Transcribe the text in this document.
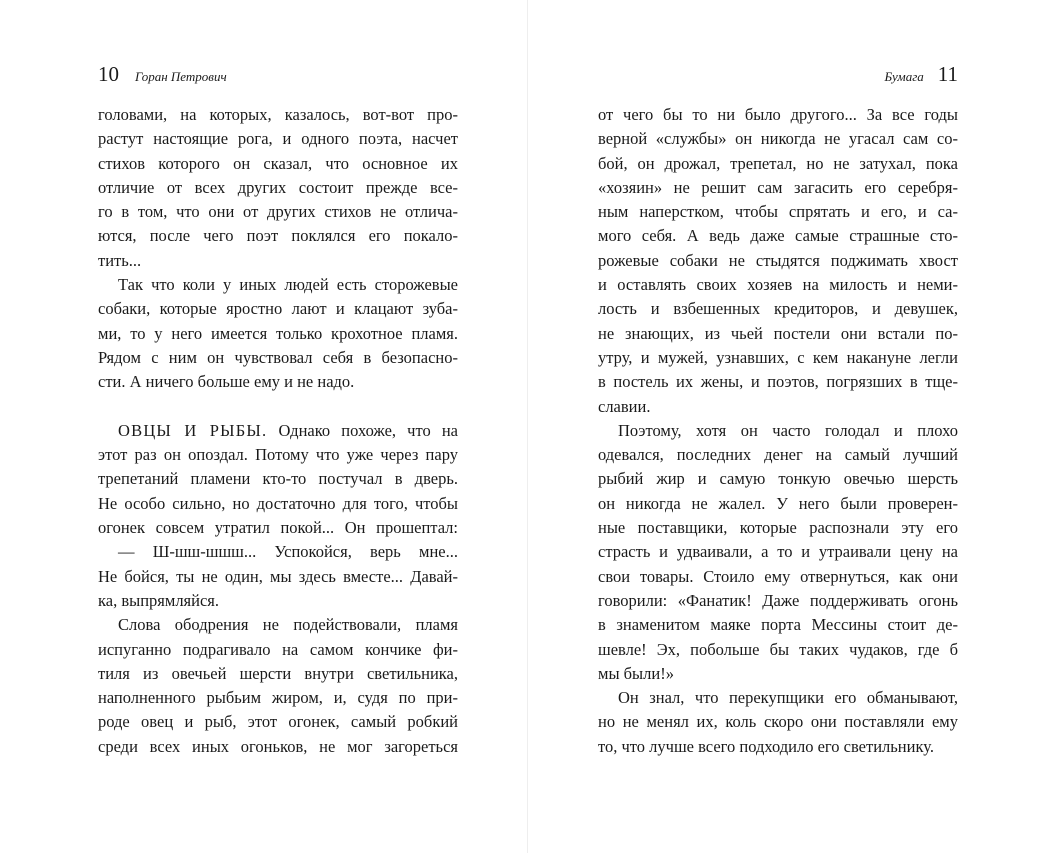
10 Горан Петрович
головами, на которых, казалось, вот-вот про-
растут настоящие рога, и одного поэта, насчет
стихов которого он сказал, что основное их
отличие от всех других состоит прежде все-
го в том, что они от других стихов не отлича-
ются, после чего поэт поклялся его покало-
тить...
Так что коли у иных людей есть сторожевые
собаки, которые яростно лают и клацают зуба-
ми, то у него имеется только крохотное пламя.
Рядом с ним он чувствовал себя в безопасно-
сти. А ничего больше ему и не надо.
ОВЦЫ И РЫБЫ. Однако похоже, что на
этот раз он опоздал. Потому что уже через пару
трепетаний пламени кто-то постучал в дверь.
Не особо сильно, но достаточно для того, чтобы
огонек совсем утратил покой... Он прошептал:
— Ш-шш-шшш... Успокойся, верь мне...
Не бойся, ты не один, мы здесь вместе... Давай-
ка, выпрямляйся.
Слова ободрения не подействовали, пламя
испуганно подрагивало на самом кончике фи-
тиля из овечьей шерсти внутри светильника,
наполненного рыбьим жиром, и, судя по при-
роде овец и рыб, этот огонек, самый робкий
среди всех иных огоньков, не мог загореться
Бумага 11
от чего бы то ни было другого... За все годы
верной «службы» он никогда не угасал сам со-
бой, он дрожал, трепетал, но не затухал, пока
«хозяин» не решит сам загасить его серебря-
ным наперстком, чтобы спрятать и его, и са-
мого себя. А ведь даже самые страшные сто-
рожевые собаки не стыдятся поджимать хвост
и оставлять своих хозяев на милость и неми-
лость и взбешенных кредиторов, и девушек,
не знающих, из чьей постели они встали по-
утру, и мужей, узнавших, с кем накануне легли
в постель их жены, и поэтов, погрязших в тще-
славии.
Поэтому, хотя он часто голодал и плохо
одевался, последних денег на самый лучший
рыбий жир и самую тонкую овечью шерсть
он никогда не жалел. У него были проверен-
ные поставщики, которые распознали эту его
страсть и удваивали, а то и утраивали цену на
свои товары. Стоило ему отвернуться, как они
говорили: «Фанатик! Даже поддерживать огонь
в знаменитом маяке порта Мессины стоит де-
шевле! Эх, побольше бы таких чудаков, где б
мы были!»
Он знал, что перекупщики его обманывают,
но не менял их, коль скоро они поставляли ему
то, что лучше всего подходило его светильнику.
